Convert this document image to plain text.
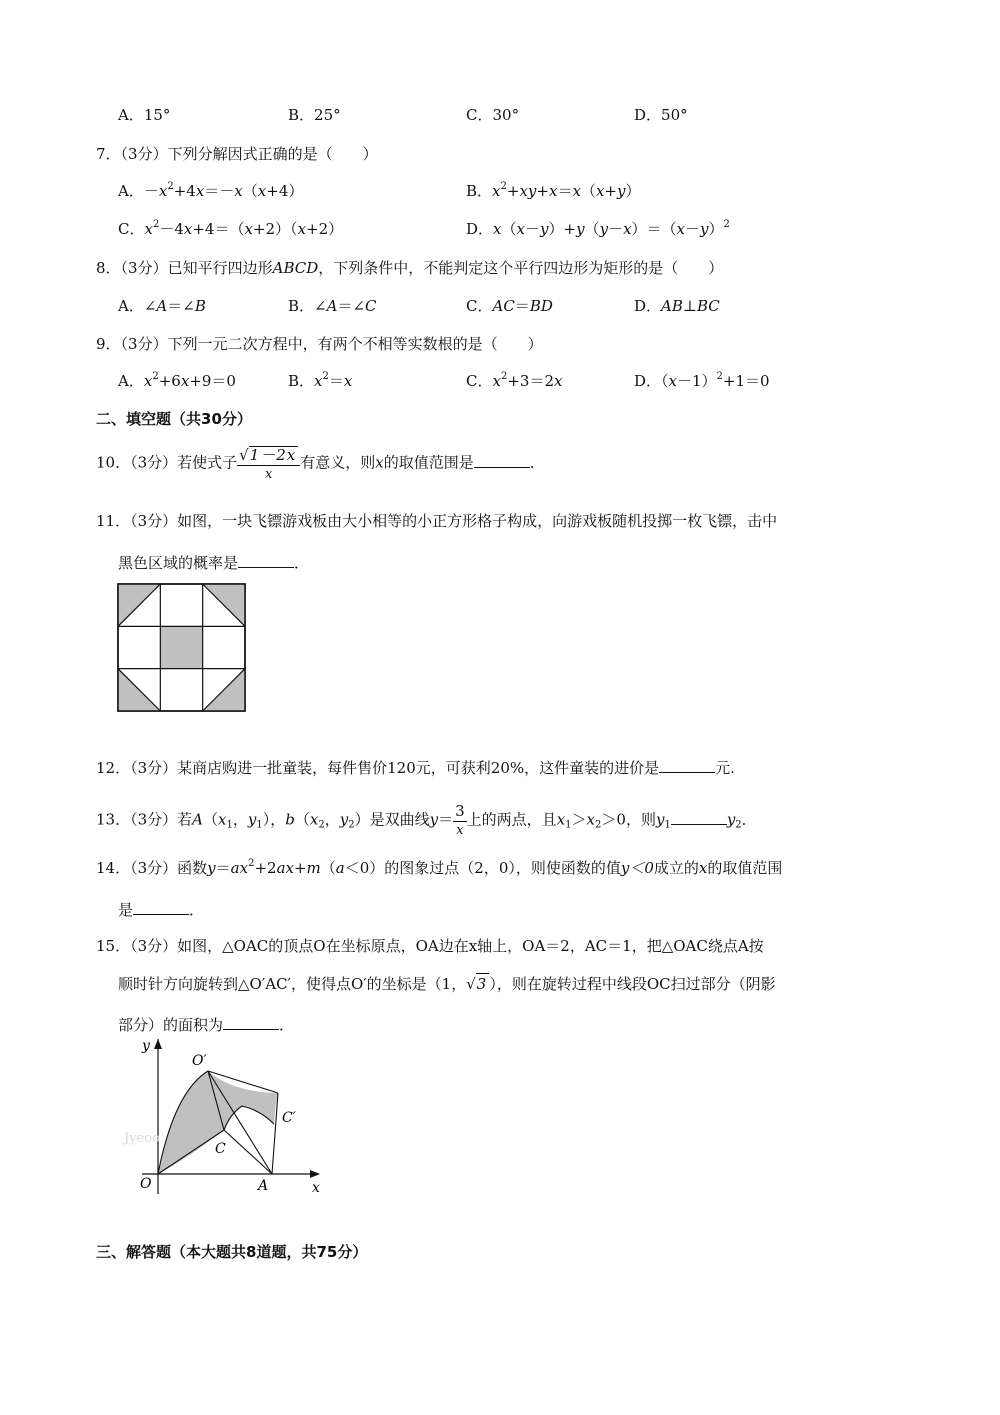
A．15°	B．25°	C．30°	D．50°
7．（3分）下列分解因式正确的是（　　）
A．$-x^2+4x=-x(x+4)$	B．$x^2+xy+x=x(x+y)$
C．$x^2-4x+4=(x+2)(x+2)$	D．$x(x-y)+y(y-x)=(x-y)^2$
8．（3分）已知平行四边形ABCD，下列条件中，不能判定这个平行四边形为矩形的是（　　）
A．∠A＝∠B	B．∠A＝∠C	C．AC＝BD	D．AB⊥BC
9．（3分）下列一元二次方程中，有两个不相等实数根的是（　　）
A．$x^2+6x+9=0$	B．$x^2=x$	C．$x^2+3=2x$	D．$(x-1)^2+1=0$
二、填空题（共30分）
10．（3分）若使式子 $\frac{√1-2x}{x}$ 有意义，则x的取值范围是	．
11．（3分）如图，一块飞镖游戏板由大小相等的小正方形格子构成，向游戏板随机投掷一枚飞镖，击中
黑色区域的概率是	．
12．（3分）某商店购进一批童装，每件售价120元，可获利20%，这件童装的进价是	元.
13．（3分）若$A(x_1$，$y_1$），$b(x_2$，$y_2$）是双曲线$y= \frac{3}{x}$ 上的两点，且$x_1>x_2>0$，则$y_1$	$y_2$．
14．（3分）函数$y=ax^2+2ax+m(a<0)$的图象过点（2，0），则使函数的值y＜0成立的x的取值范围
是	．
15．（3分）如图，△OAC的顶点O在坐标原点，OA边在x轴上，OA＝2，AC＝1，把△OAC绕点A按
顺时针方向旋转到△O′AC′，使得点O′的坐标是（1，√3 ），则在旋转过程中线段OC扫过部分（阴影
部分）的面积为	．
Jyeoo
y
x
O	A
C
O′
C′
三、解答题（本大题共8道题，共75分）
